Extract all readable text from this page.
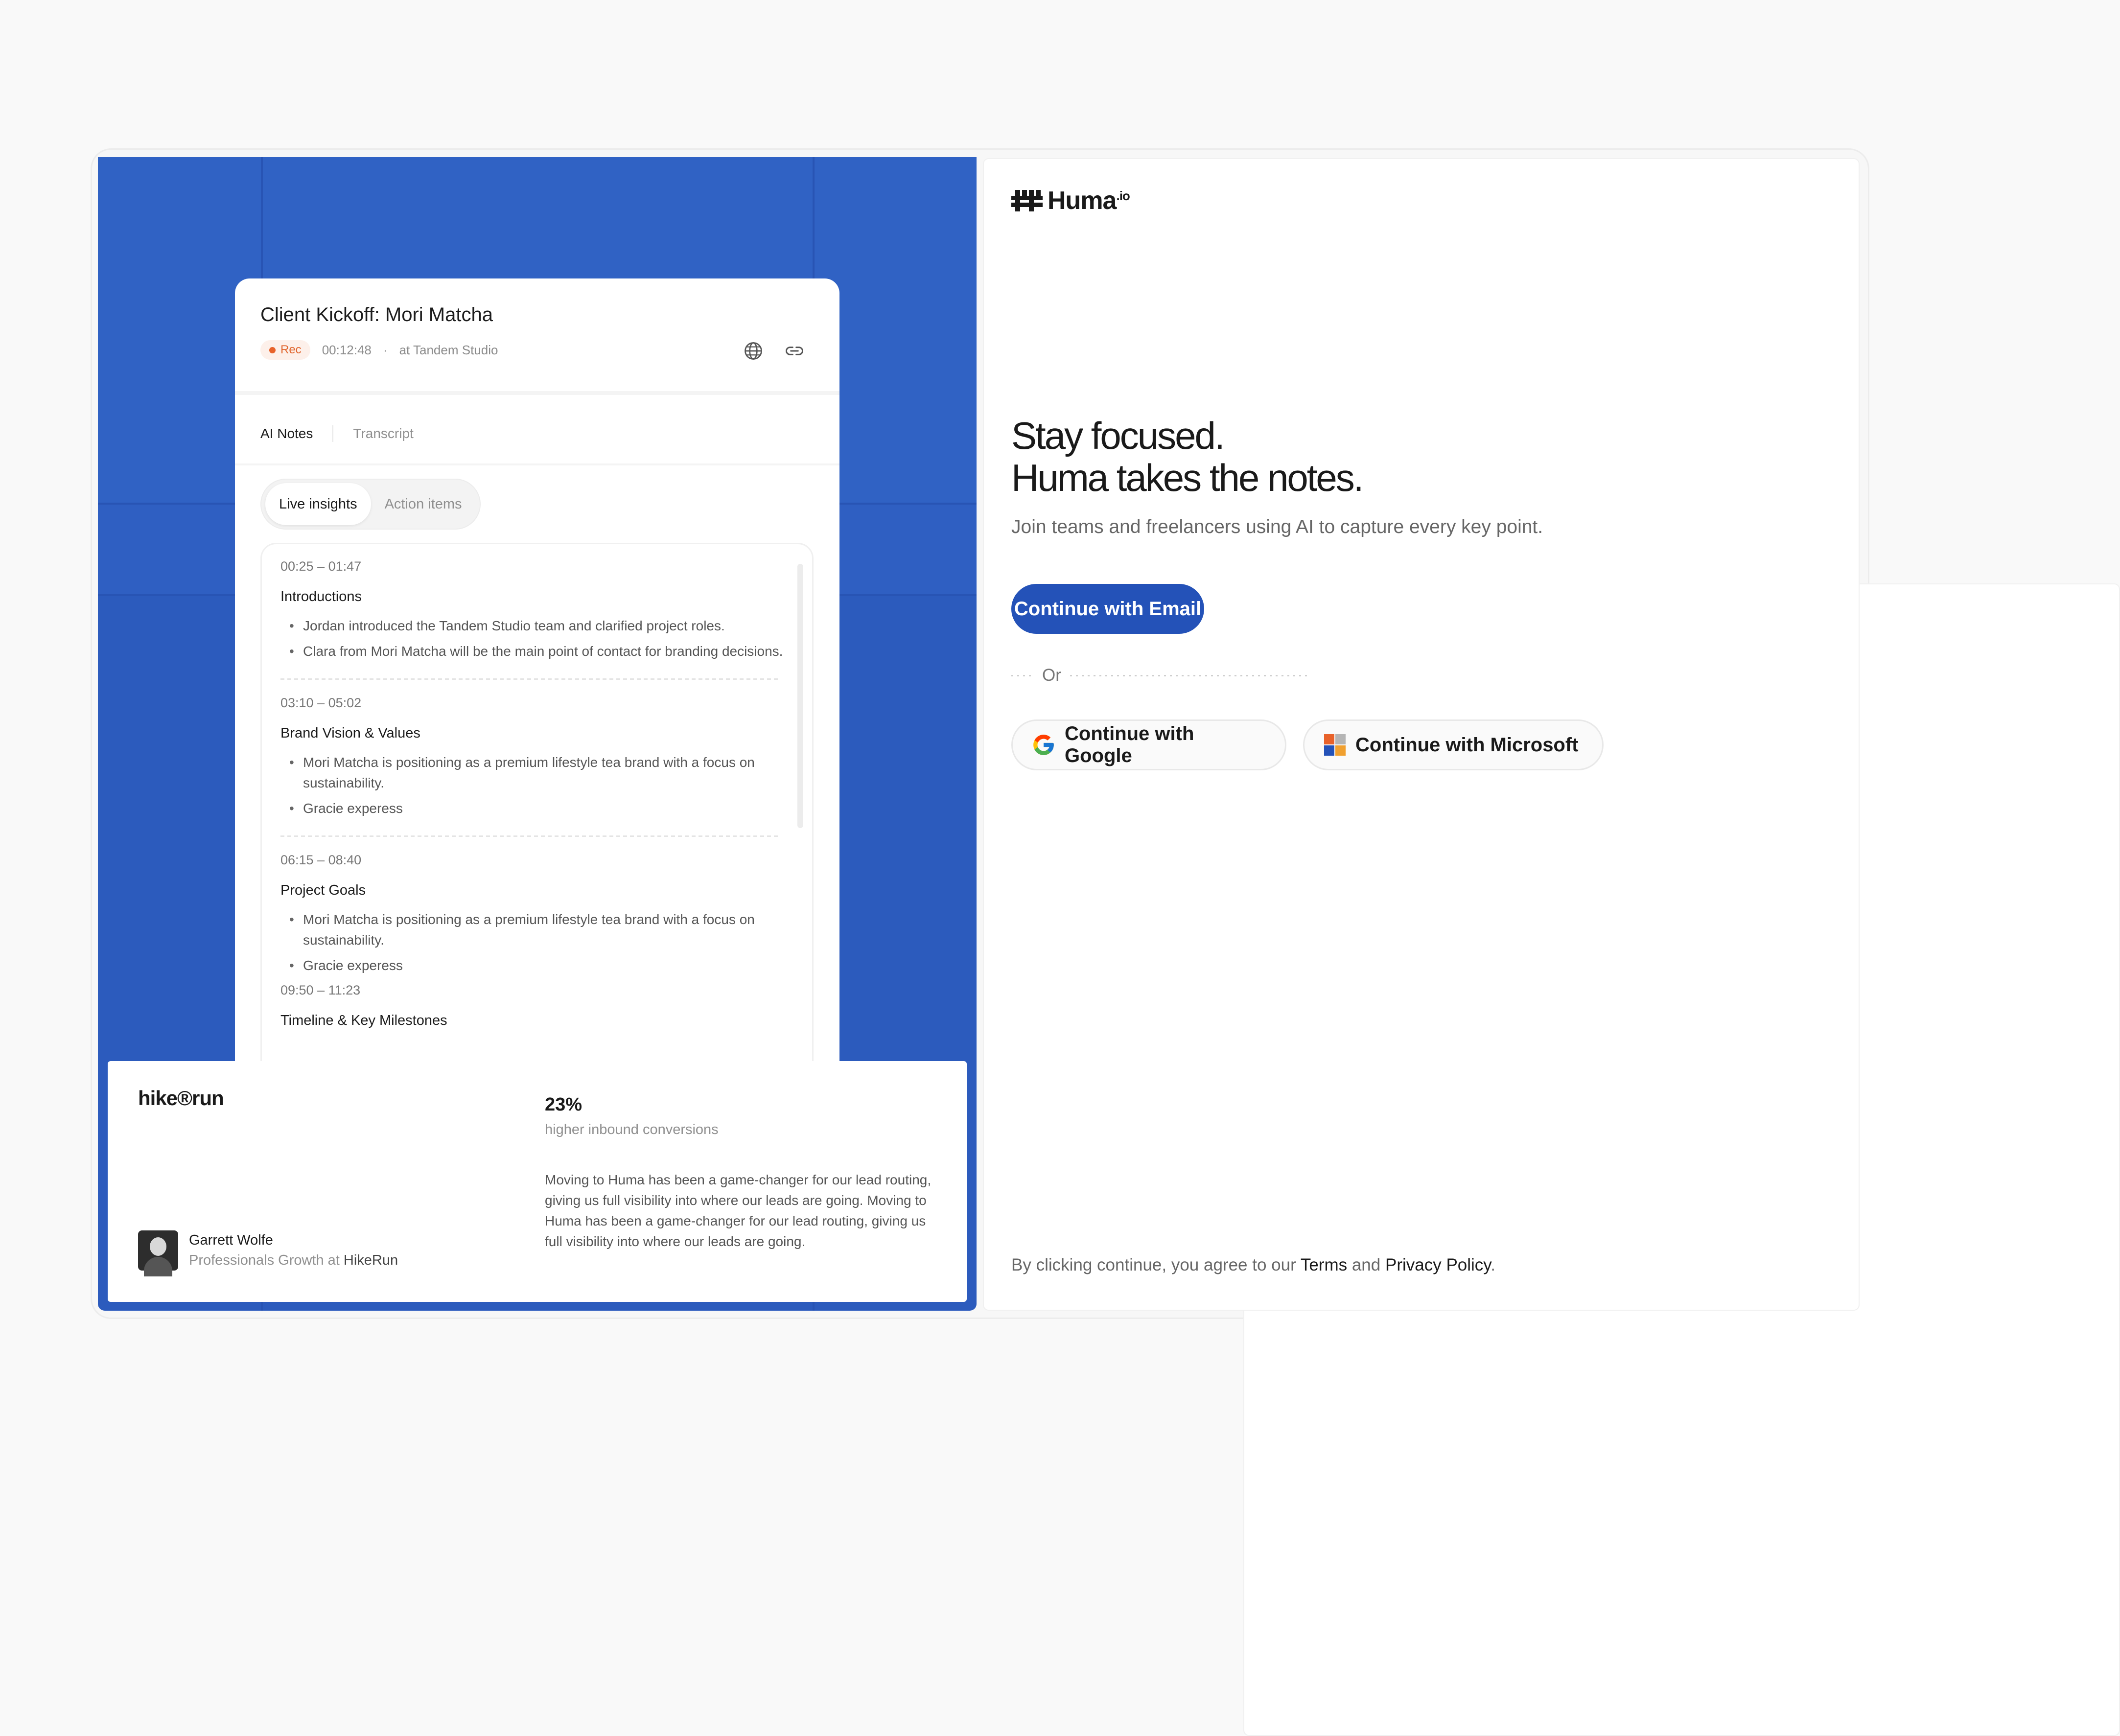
Client Kickoff: Mori Matcha
Rec 00:12:48 · at Tandem Studio
AI Notes	Transcript
Live insights	Action items
00:25 – 01:47
Introductions
• Jordan introduced the Tandem Studio team and clarified project roles.
• Clara from Mori Matcha will be the main point of contact for branding decisions.
03:10 – 05:02
Brand Vision & Values
• Mori Matcha is positioning as a premium lifestyle tea brand with a focus on sustainability.
• Gracie experess
06:15 – 08:40
Project Goals
• Mori Matcha is positioning as a premium lifestyle tea brand with a focus on sustainability.
• Gracie experess
09:50 – 11:23
Timeline & Key Milestones
hike®run
Garrett Wolfe
Professionals Growth at HikeRun
23%
higher inbound conversions
Moving to Huma has been a game-changer for our lead routing, giving us full visibility into where our leads are going. Moving to Huma has been a game-changer for our lead routing, giving us full visibility into where our leads are going.
Huma$^{.io}$
Stay focused.
Huma takes the notes.
Join teams and freelancers using AI to capture every key point.
Continue with Email
Or
Continue with Google
Continue with Microsoft
By clicking continue, you agree to our Terms and Privacy Policy.
